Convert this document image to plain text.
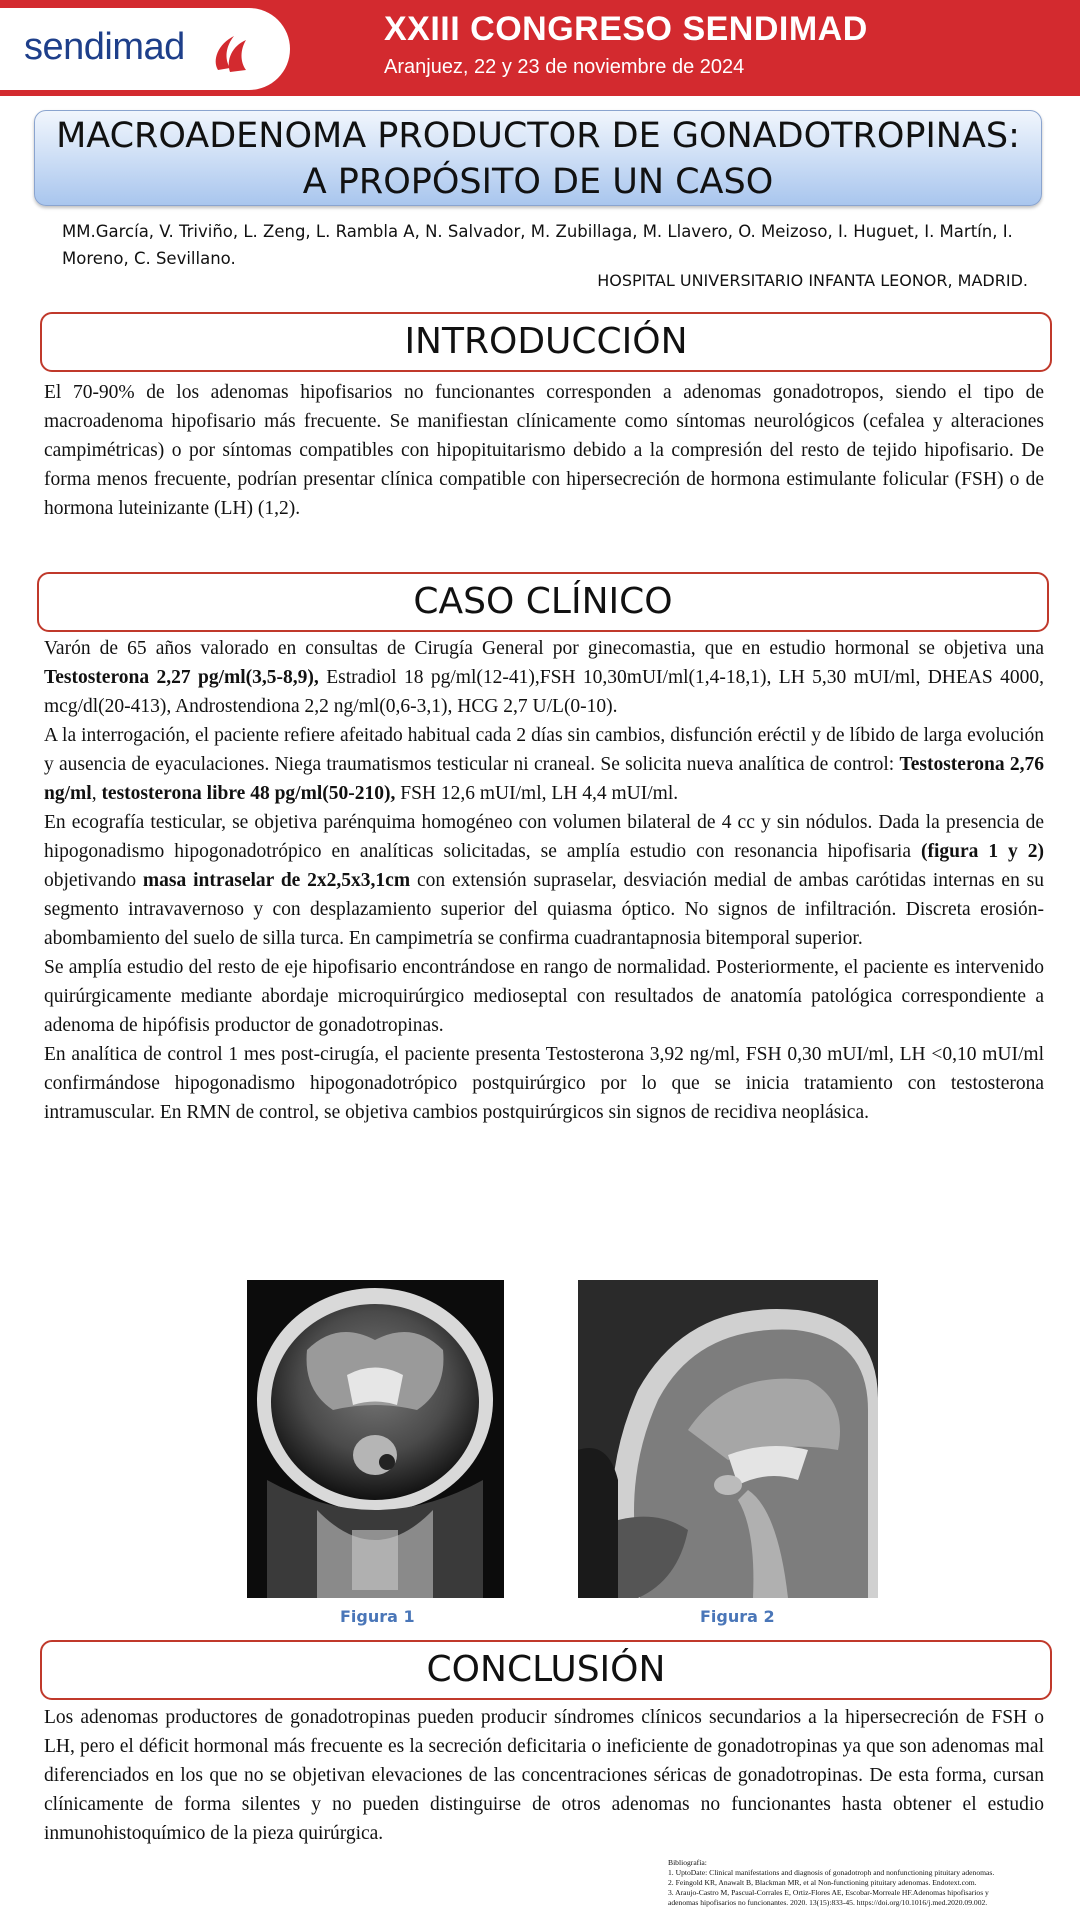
sendimad	XXIII CONGRESO SENDIMAD
Aranjuez, 22 y 23 de noviembre de 2024
MACROADENOMA PRODUCTOR DE GONADOTROPINAS:
A PROPÓSITO DE UN CASO
MM.García, V. Triviño, L. Zeng, L. Rambla A, N. Salvador, M. Zubillaga, M. Llavero, O. Meizoso, I. Huguet, I. Martín, I. Moreno, C. Sevillano.
HOSPITAL UNIVERSITARIO INFANTA LEONOR, MADRID.
INTRODUCCIÓN
El 70-90% de los adenomas hipofisarios no funcionantes corresponden a adenomas gonadotropos, siendo el tipo de macroadenoma hipofisario más frecuente. Se manifiestan clínicamente como síntomas neurológicos (cefalea y alteraciones campimétricas) o por síntomas compatibles con hipopituitarismo debido a la compresión del resto de tejido hipofisario. De forma menos frecuente, podrían presentar clínica compatible con hipersecreción de hormona estimulante folicular (FSH) o de hormona luteinizante (LH) (1,2).
CASO CLÍNICO

Varón de 65 años valorado en consultas de Cirugía General por ginecomastia, que en estudio hormonal se objetiva una Testosterona 2,27 pg/ml(3,5-8,9), Estradiol 18 pg/ml(12-41),FSH 10,30mUI/ml(1,4-18,1), LH 5,30 mUI/ml, DHEAS 4000, mcg/dl(20-413), Androstendiona 2,2 ng/ml(0,6-3,1), HCG 2,7 U/L(0-10).

A la interrogación, el paciente refiere afeitado habitual cada 2 días sin cambios, disfunción eréctil y de líbido de larga evolución y ausencia de eyaculaciones. Niega traumatismos testicular ni craneal. Se solicita nueva analítica de control: Testosterona 2,76 ng/ml, testosterona libre 48 pg/ml(50-210), FSH 12,6 mUI/ml, LH 4,4 mUI/ml.

En ecografía testicular, se objetiva parénquima homogéneo con volumen bilateral de 4 cc y sin nódulos. Dada la presencia de hipogonadismo hipogonadotrópico en analíticas solicitadas, se amplía estudio con resonancia hipofisaria (figura 1 y 2) objetivando masa intraselar de 2x2,5x3,1cm con extensión supraselar, desviación medial de ambas carótidas internas en su segmento intravavernoso y con desplazamiento superior del quiasma óptico. No signos de infiltración. Discreta erosión-abombamiento del suelo de silla turca. En campimetría se confirma cuadrantapnosia bitemporal superior.

Se amplía estudio del resto de eje hipofisario encontrándose en rango de normalidad. Posteriormente, el paciente es intervenido quirúrgicamente mediante abordaje microquirúrgico medioseptal con resultados de anatomía patológica correspondiente a adenoma de hipófisis productor de gonadotropinas.

En analítica de control 1 mes post-cirugía, el paciente presenta Testosterona 3,92 ng/ml, FSH 0,30 mUI/ml, LH <0,10 mUI/ml confirmándose hipogonadismo hipogonadotrópico postquirúrgico por lo que se inicia tratamiento con testosterona intramuscular. En RMN de control, se objetiva cambios postquirúrgicos sin signos de recidiva neoplásica.

Figura 1	Figura 2
CONCLUSIÓN
Los adenomas productores de gonadotropinas pueden producir síndromes clínicos secundarios a la hipersecreción de FSH o LH, pero el déficit hormonal más frecuente es la secreción deficitaria o ineficiente de gonadotropinas ya que son adenomas mal diferenciados en los que no se objetivan elevaciones de las concentraciones séricas de gonadotropinas. De esta forma, cursan clínicamente de forma silentes y no pueden distinguirse de otros adenomas no funcionantes hasta obtener el estudio inmunohistoquímico de la pieza quirúrgica.
Bibliografía:
1. UptoDate: Clinical manifestations and diagnosis of gonadotroph and nonfunctioning pituitary adenomas.
2. Feingold KR, Anawalt B, Blackman MR, et al Non-functioning pituitary adenomas. Endotext.com.
3. Araujo-Castro M, Pascual-Corrales E, Ortiz-Flores AE, Escobar-Morreale HF.Adenomas hipofisarios y
adenomas hipofisarios no funcionantes. 2020. 13(15):833-45. https://doi.org/10.1016/j.med.2020.09.002.
